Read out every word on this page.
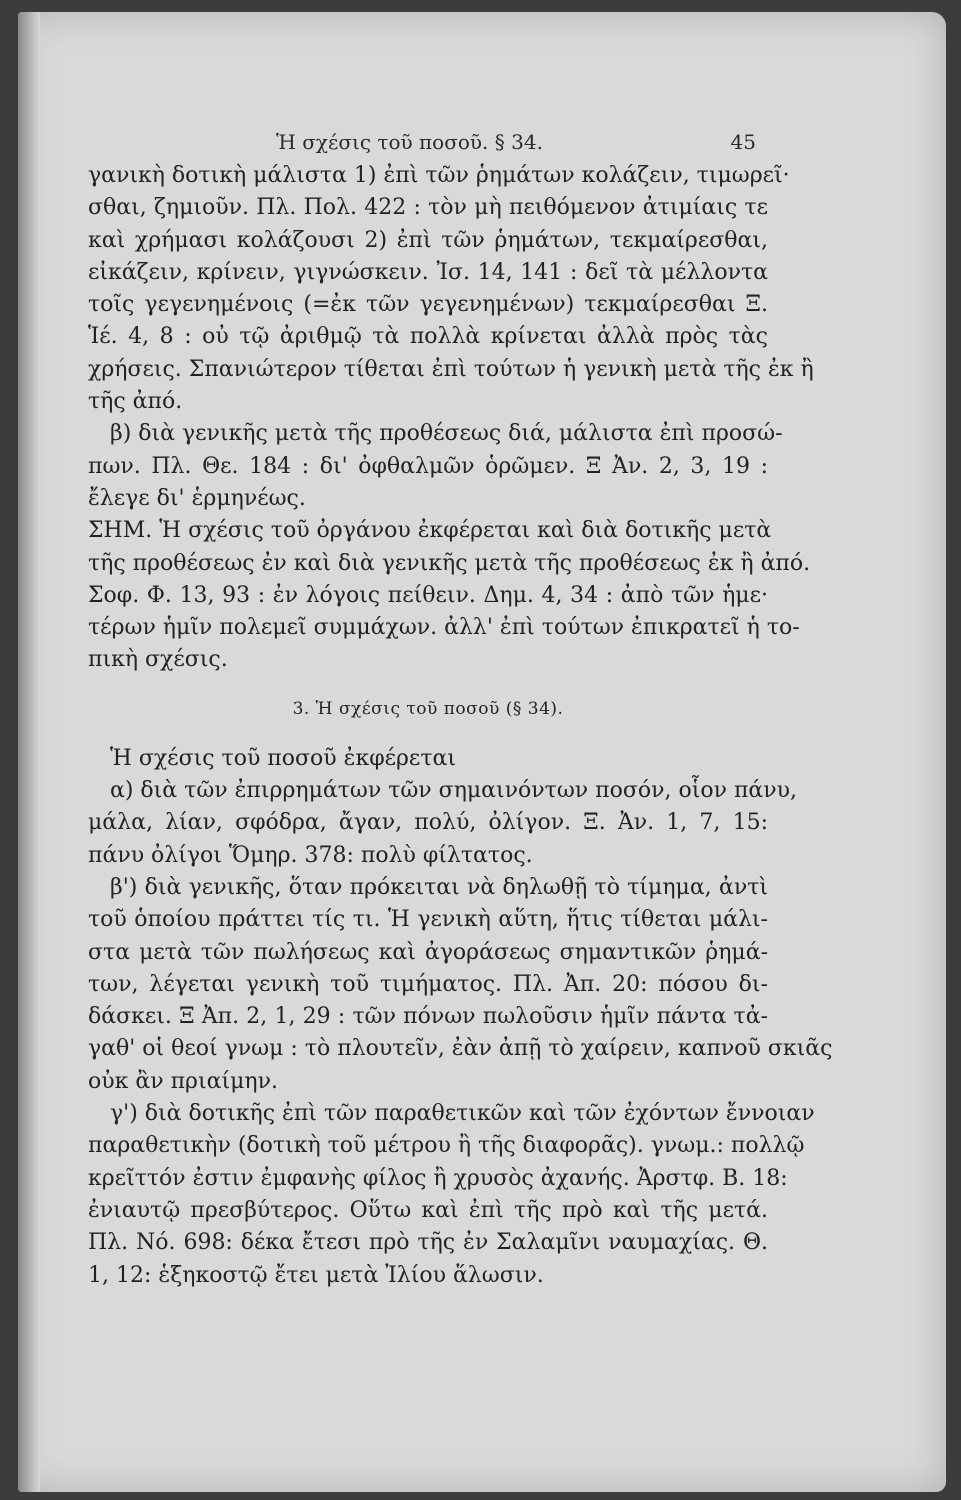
Ἡ σχέσις τοῦ ποσοῦ. § 34.	45

γανικὴ δοτικὴ μάλιστα 1) ἐπὶ τῶν ῥημάτων κολάζειν, τιμωρεῖ·
σθαι, ζημιοῦν. Πλ. Πολ. 422 : τὸν μὴ πειθόμενον ἀτιμίαις τε
καὶ χρήμασι κολάζουσι 2) ἐπὶ τῶν ῥημάτων, τεκμαίρεσθαι,
εἰκάζειν, κρίνειν, γιγνώσκειν. Ἰσ. 14, 141 : δεῖ τὰ μέλλοντα
τοῖς γεγενημένοις (=ἐκ τῶν γεγενημένων) τεκμαίρεσθαι Ξ.
Ἱέ. 4, 8 : οὐ τῷ ἀριθμῷ τὰ πολλὰ κρίνεται ἀλλὰ πρὸς τὰς
χρήσεις. Σπανιώτερον τίθεται ἐπὶ τούτων ἡ γενικὴ μετὰ τῆς ἐκ ἢ
τῆς ἀπό.

β) διὰ γενικῆς μετὰ τῆς προθέσεως διά, μάλιστα ἐπὶ προσώ-
πων. Πλ. Θε. 184 : δι' ὀφθαλμῶν ὁρῶμεν. Ξ Ἀν. 2, 3, 19 :
ἔλεγε δι' ἑρμηνέως.

ΣΗΜ. Ἡ σχέσις τοῦ ὀργάνου ἐκφέρεται καὶ διὰ δοτικῆς μετὰ
τῆς προθέσεως ἐν καὶ διὰ γενικῆς μετὰ τῆς προθέσεως ἐκ ἢ ἀπό.
Σοφ. Φ. 13, 93 : ἐν λόγοις πείθειν. Δημ. 4, 34 : ἀπὸ τῶν ἡμε·
τέρων ἡμῖν πολεμεῖ συμμάχων. ἀλλ' ἐπὶ τούτων ἐπικρατεῖ ἡ το-
πικὴ σχέσις.

3. Ἡ σχέσις τοῦ ποσοῦ (§ 34).

Ἡ σχέσις τοῦ ποσοῦ ἐκφέρεται

α) διὰ τῶν ἐπιρρημάτων τῶν σημαινόντων ποσόν, οἷον πάνυ,
μάλα, λίαν, σφόδρα, ἄγαν, πολύ, ὀλίγον. Ξ. Ἀν. 1, 7, 15:
πάνυ ὀλίγοι Ὅμηρ. 378: πολὺ φίλτατος.

β') διὰ γενικῆς, ὅταν πρόκειται νὰ δηλωθῇ τὸ τίμημα, ἀντὶ
τοῦ ὁποίου πράττει τίς τι. Ἡ γενικὴ αὕτη, ἥτις τίθεται μάλι-
στα μετὰ τῶν πωλήσεως καὶ ἀγοράσεως σημαντικῶν ῥημά-
των, λέγεται γενικὴ τοῦ τιμήματος. Πλ. Ἀπ. 20: πόσου δι-
δάσκει. Ξ Ἀπ. 2, 1, 29 : τῶν πόνων πωλοῦσιν ἡμῖν πάντα τἀ-
γαθ' οἱ θεοί γνωμ : τὸ πλουτεῖν, ἐὰν ἀπῇ τὸ χαίρειν, καπνοῦ σκιᾶς
οὐκ ἂν πριαίμην.

γ') διὰ δοτικῆς ἐπὶ τῶν παραθετικῶν καὶ τῶν ἐχόντων ἔννοιαν
παραθετικὴν (δοτικὴ τοῦ μέτρου ἢ τῆς διαφορᾶς). γνωμ.: πολλῷ
κρεῖττόν ἐστιν ἐμφανὴς φίλος ἢ χρυσὸς ἀχανής. Ἀρστφ. Β. 18:
ἐνιαυτῷ πρεσβύτερος. Οὕτω καὶ ἐπὶ τῆς πρὸ καὶ τῆς μετά.
Πλ. Νό. 698: δέκα ἔτεσι πρὸ τῆς ἐν Σαλαμῖνι ναυμαχίας. Θ.
1, 12: ἑξηκοστῷ ἔτει μετὰ Ἰλίου ἅλωσιν.
